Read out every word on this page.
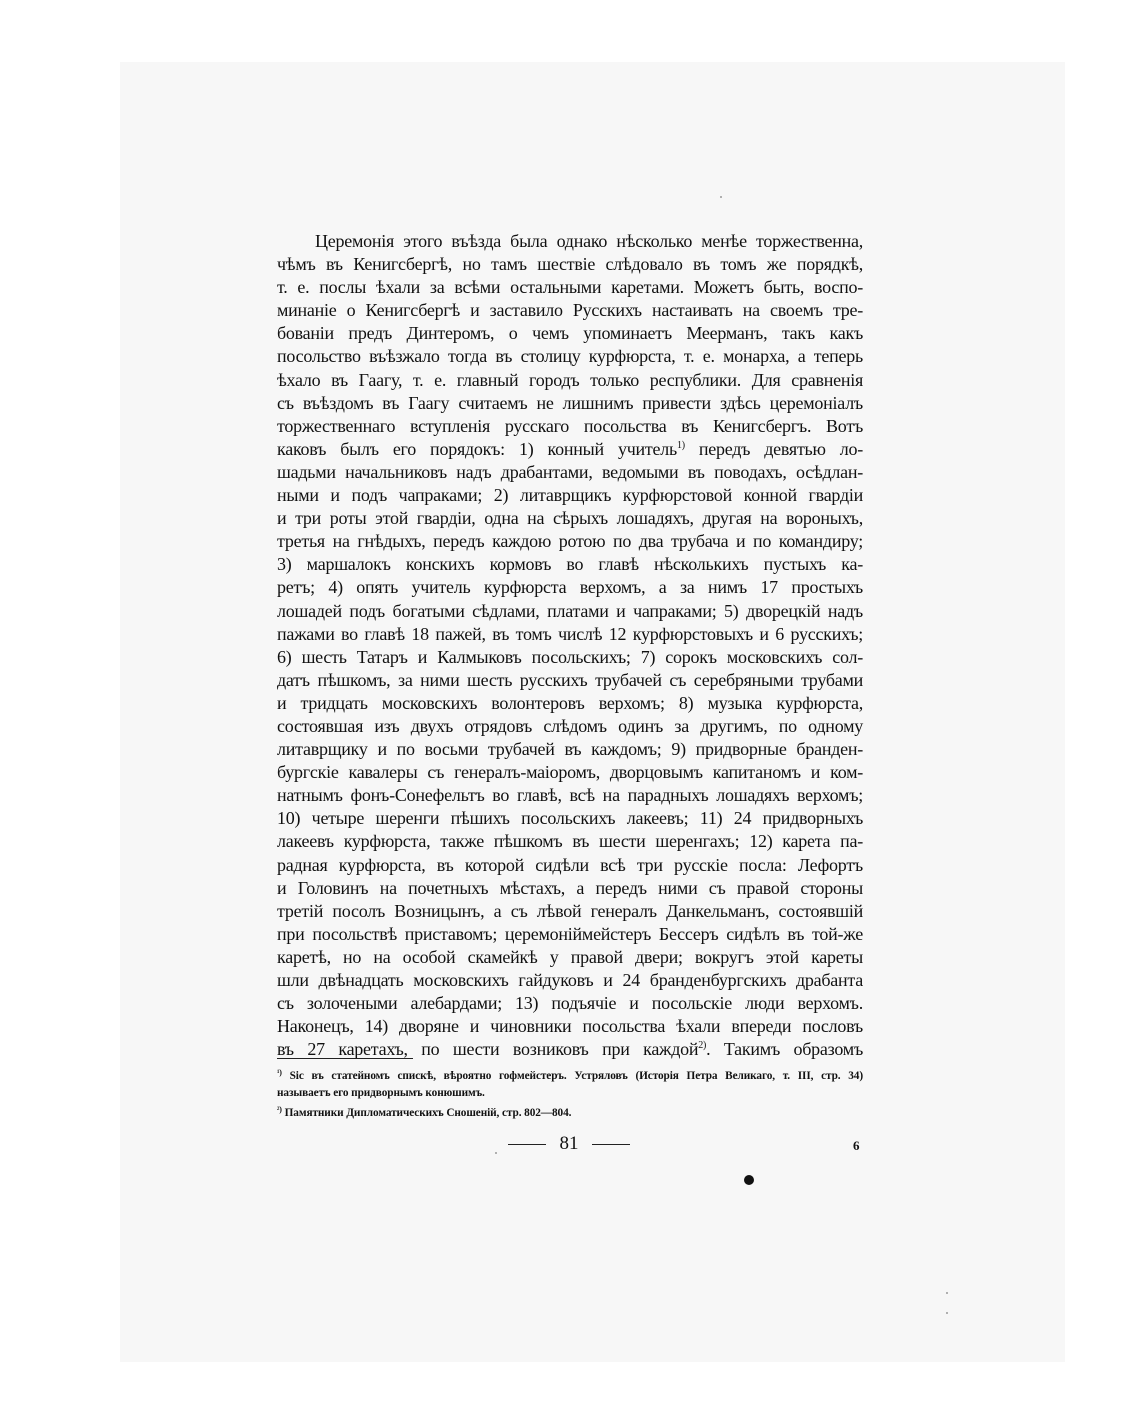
Церемонія этого въѣзда была однако нѣсколько менѣе торжественна,
чѣмъ въ Кенигсбергѣ, но тамъ шествіе слѣдовало въ томъ же порядкѣ,
т. е. послы ѣхали за всѣми остальными каретами. Можетъ быть, воспо-
минаніе о Кенигсбергѣ и заставило Русскихъ настаивать на своемъ тре-
бованіи предъ Динтеромъ, о чемъ упоминаетъ Меерманъ, такъ какъ
посольство въѣзжало тогда въ столицу курфюрста, т. е. монарха, а теперь
ѣхало въ Гаагу, т. е. главный городъ только республики. Для сравненія
съ въѣздомъ въ Гаагу считаемъ не лишнимъ привести здѣсь церемоніалъ
торжественнаго вступленія русскаго посольства въ Кенигсбергъ. Вотъ
каковъ былъ его порядокъ: 1) конный учитель$^{1)}$ передъ девятью ло-
шадьми начальниковъ надъ драбантами, ведомыми въ поводахъ, осѣдлан-
ными и подъ чапраками; 2) литаврщикъ курфюрстовой конной гвардіи
и три роты этой гвардіи, одна на сѣрыхъ лошадяхъ, другая на вороныхъ,
третья на гнѣдыхъ, передъ каждою ротою по два трубача и по командиру;
3) маршалокъ конскихъ кормовъ во главѣ нѣсколькихъ пустыхъ ка-
ретъ; 4) опять учитель курфюрста верхомъ, а за нимъ 17 простыхъ
лошадей подъ богатыми сѣдлами, платами и чапраками; 5) дворецкій надъ
пажами во главѣ 18 пажей, въ томъ числѣ 12 курфюрстовыхъ и 6 русскихъ;
6) шесть Татаръ и Калмыковъ посольскихъ; 7) сорокъ московскихъ сол-
датъ пѣшкомъ, за ними шесть русскихъ трубачей съ серебряными трубами
и тридцать московскихъ волонтеровъ верхомъ; 8) музыка курфюрста,
состоявшая изъ двухъ отрядовъ слѣдомъ одинъ за другимъ, по одному
литаврщику и по восьми трубачей въ каждомъ; 9) придворные бранден-
бургскіе кавалеры съ генералъ-маіоромъ, дворцовымъ капитаномъ и ком-
натнымъ фонъ-Сонефельтъ во главѣ, всѣ на парадныхъ лошадяхъ верхомъ;
10) четыре шеренги пѣшихъ посольскихъ лакеевъ; 11) 24 придворныхъ
лакеевъ курфюрста, также пѣшкомъ въ шести шеренгахъ; 12) карета па-
радная курфюрста, въ которой сидѣли всѣ три русскіе посла: Лефортъ
и Головинъ на почетныхъ мѣстахъ, а передъ ними съ правой стороны
третій посолъ Возницынъ, а съ лѣвой генералъ Данкельманъ, состоявшій
при посольствѣ приставомъ; церемоніймейстеръ Бессеръ сидѣлъ въ той-же
каретѣ, но на особой скамейкѣ у правой двери; вокругъ этой кареты
шли двѣнадцать московскихъ гайдуковъ и 24 бранденбургскихъ драбанта
съ золочеными алебардами; 13) подъячіе и посольскіе люди верхомъ.
Наконецъ, 14) дворяне и чиновники посольства ѣхали впереди пословъ
въ 27 каретахъ, по шести возниковъ при каждой$^{2)}$. Такимъ образомъ
$^{^1)}$ Sic въ статейномъ спискѣ, вѣроятно гофмейстеръ. Устряловъ (Исторія Петра Великаго, т. III, стр. 34)
называетъ его придворнымъ конюшимъ.
$^{^2)}$ Памятники Дипломатическихъ Сношеній, стр. 802—804.
81	6
